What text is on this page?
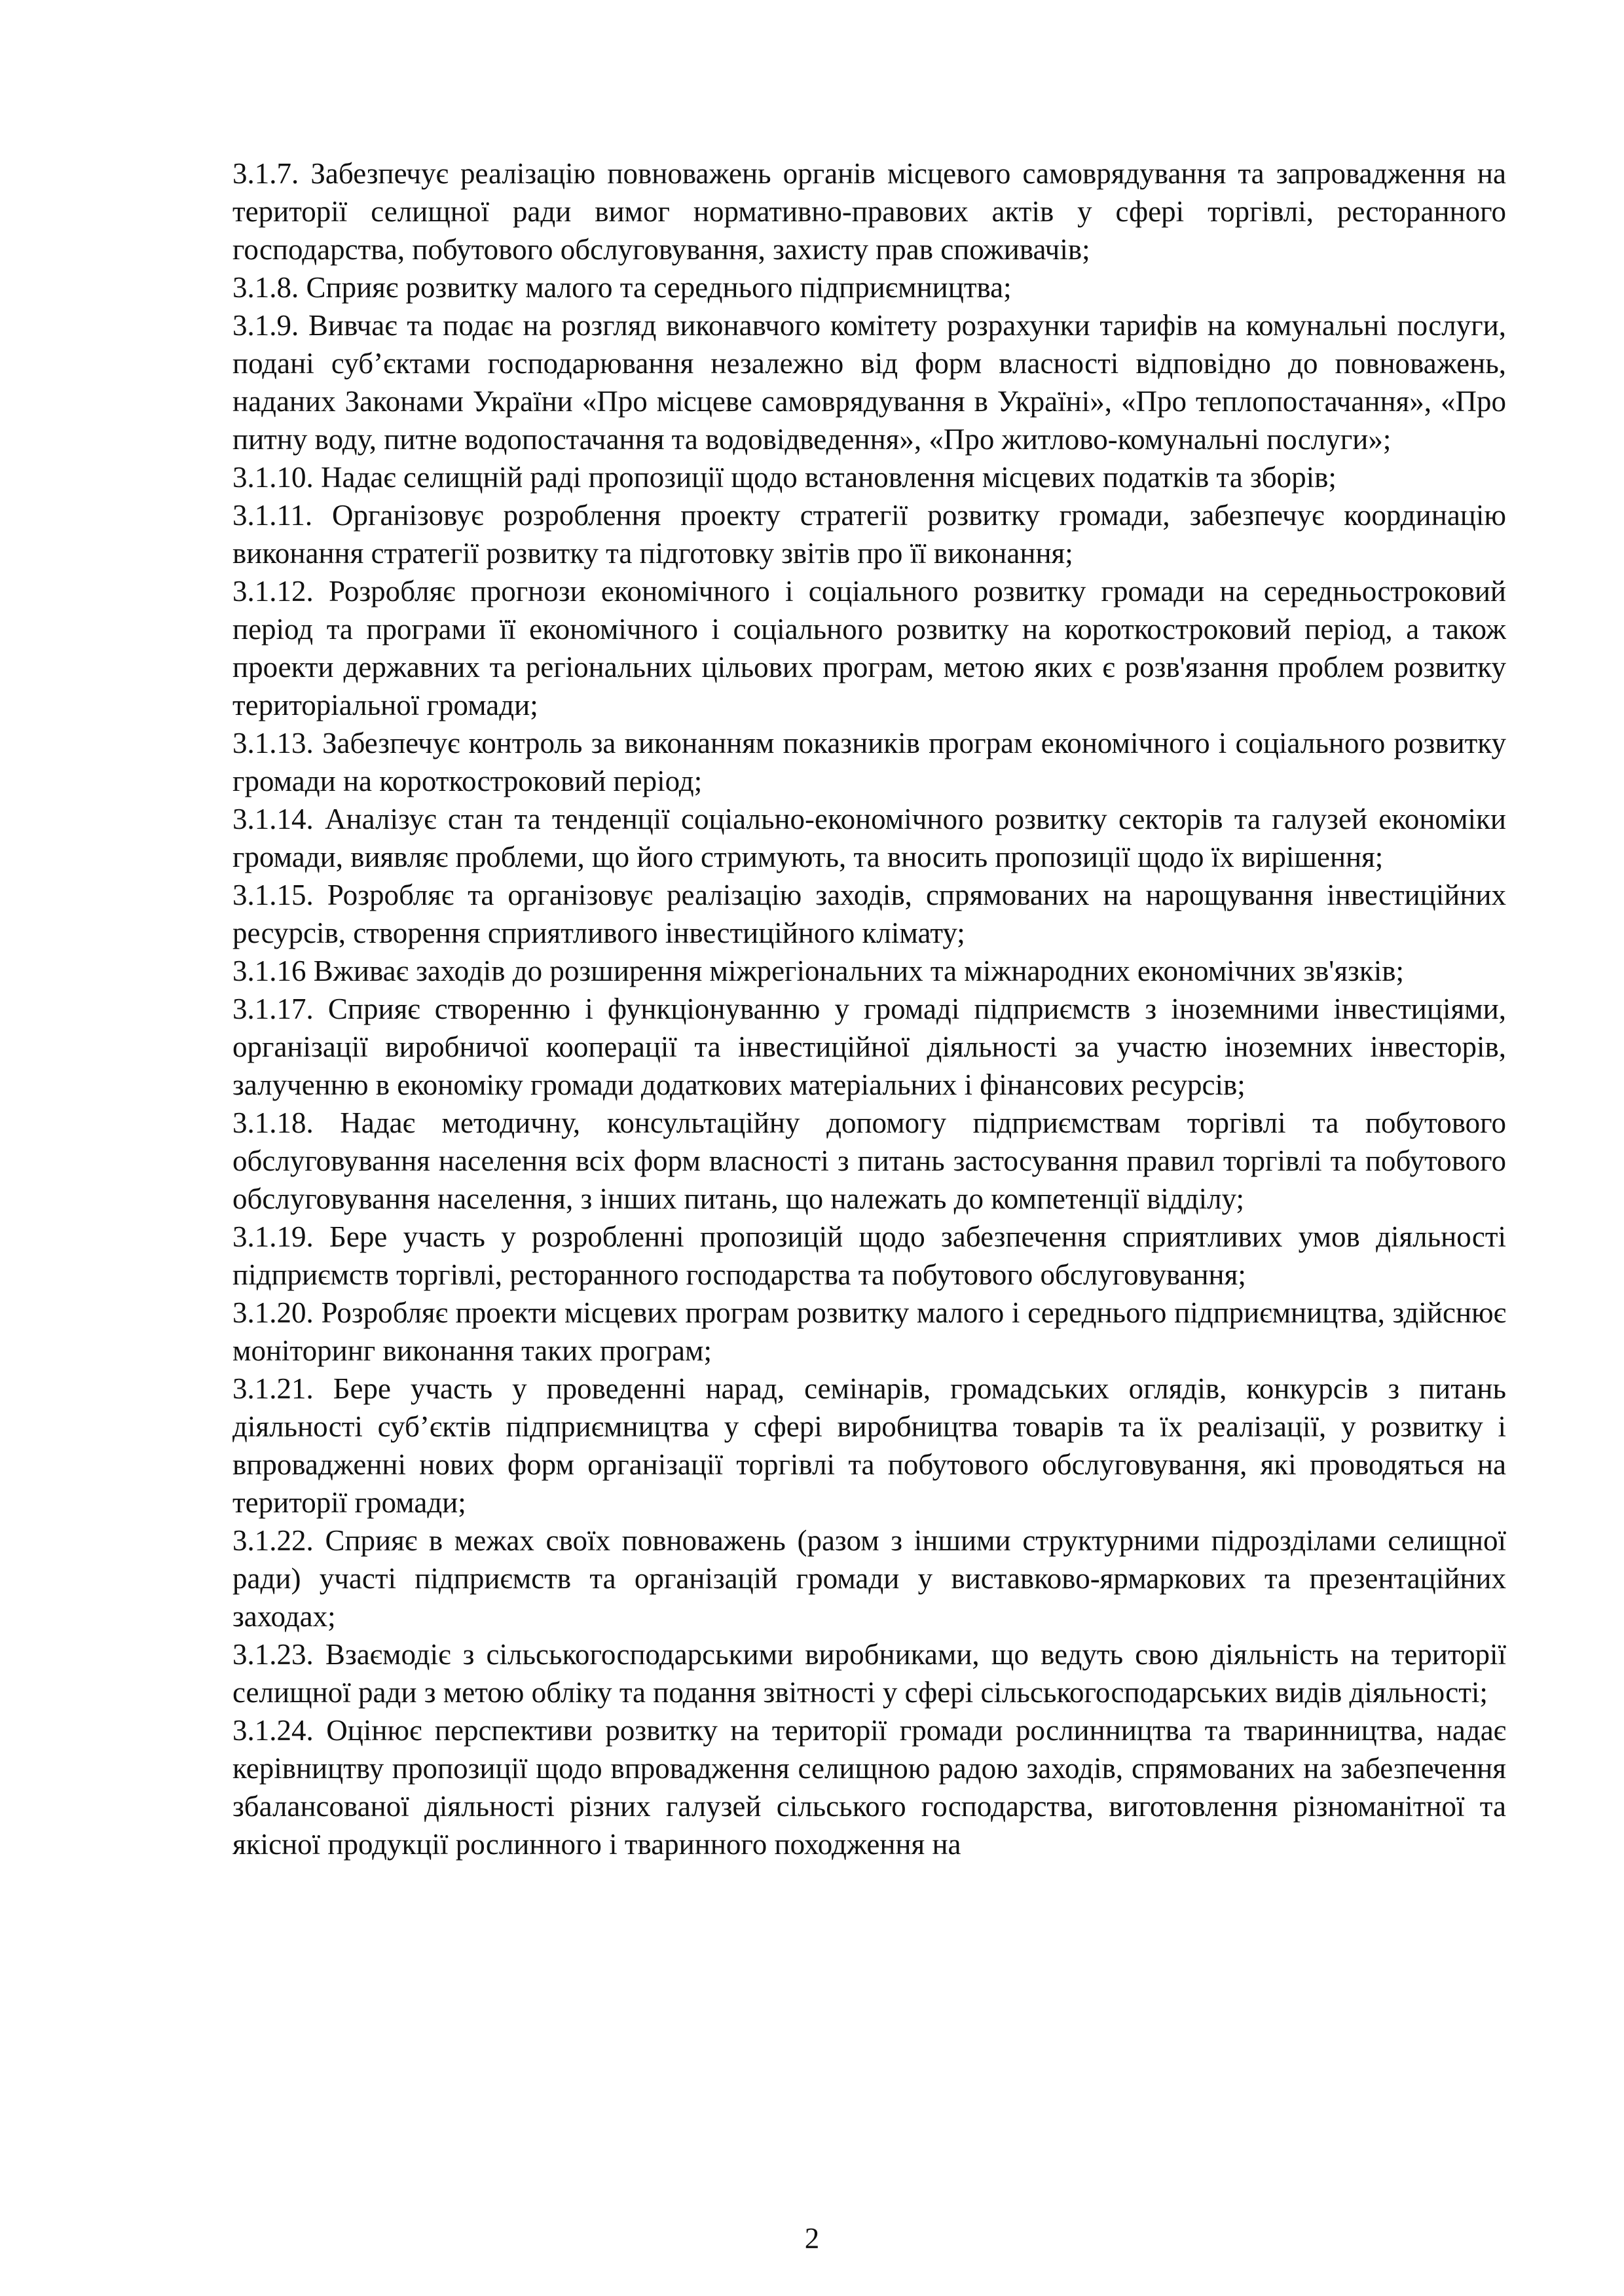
3.1.7. Забезпечує реалізацію повноважень органів місцевого самоврядування та запровадження на території селищної ради вимог нормативно-правових актів у сфері торгівлі, ресторанного господарства, побутового обслуговування, захисту прав споживачів;

3.1.8. Сприяє розвитку малого та середнього підприємництва;

3.1.9. Вивчає та подає на розгляд виконавчого комітету розрахунки тарифів на комунальні послуги, подані суб’єктами господарювання незалежно від форм власності відповідно до повноважень, наданих Законами України «Про місцеве самоврядування в Україні», «Про теплопостачання», «Про питну воду, питне водопостачання та водовідведення», «Про житлово-комунальні послуги»;

3.1.10. Надає селищній раді пропозиції щодо встановлення місцевих податків та зборів;

3.1.11. Організовує розроблення проекту стратегії розвитку громади, забезпечує координацію виконання стратегії розвитку та підготовку звітів про її виконання;

3.1.12. Розробляє прогнози економічного і соціального розвитку громади на середньостроковий період та програми її економічного і соціального розвитку на короткостроковий період, а також проекти державних та регіональних цільових програм, метою яких є розв'язання проблем розвитку територіальної громади;

3.1.13. Забезпечує контроль за виконанням показників програм економічного і соціального розвитку громади на короткостроковий період;

3.1.14. Аналізує стан та тенденції соціально-економічного розвитку секторів та галузей економіки громади, виявляє проблеми, що його стримують, та вносить пропозиції щодо їх вирішення;

3.1.15. Розробляє та організовує реалізацію заходів, спрямованих на нарощування інвестиційних ресурсів, створення сприятливого інвестиційного клімату;

3.1.16 Вживає заходів до розширення міжрегіональних та міжнародних економічних зв'язків;

3.1.17. Сприяє створенню і функціонуванню у громаді підприємств з іноземними інвестиціями, організації виробничої кооперації та інвестиційної діяльності за участю іноземних інвесторів, залученню в економіку громади додаткових матеріальних і фінансових ресурсів;

3.1.18. Надає методичну, консультаційну допомогу підприємствам торгівлі та побутового обслуговування населення всіх форм власності з питань застосування правил торгівлі та побутового обслуговування населення, з інших питань, що належать до компетенції відділу;

3.1.19. Бере участь у розробленні пропозицій щодо забезпечення сприятливих умов діяльності підприємств торгівлі, ресторанного господарства та побутового обслуговування;

3.1.20. Розробляє проекти місцевих програм розвитку малого і середнього підприємництва, здійснює моніторинг виконання таких програм;

3.1.21. Бере участь у проведенні нарад, семінарів, громадських оглядів, конкурсів з питань діяльності суб’єктів підприємництва у сфері виробництва товарів та їх реалізації, у розвитку і впровадженні нових форм організації торгівлі та побутового обслуговування, які проводяться на території громади;

3.1.22. Сприяє в межах своїх повноважень (разом з іншими структурними підрозділами селищної ради) участі підприємств та організацій громади у виставково-ярмаркових та презентаційних заходах;

3.1.23. Взаємодіє з сільськогосподарськими виробниками, що ведуть свою діяльність на території селищної ради з метою обліку та подання звітності у сфері сільськогосподарських видів діяльності;

3.1.24. Оцінює перспективи розвитку на території громади рослинництва та тваринництва, надає керівництву пропозиції щодо впровадження селищною радою заходів, спрямованих на забезпечення збалансованої діяльності різних галузей сільського господарства, виготовлення різноманітної та якісної продукції рослинного і тваринного походження на

2
